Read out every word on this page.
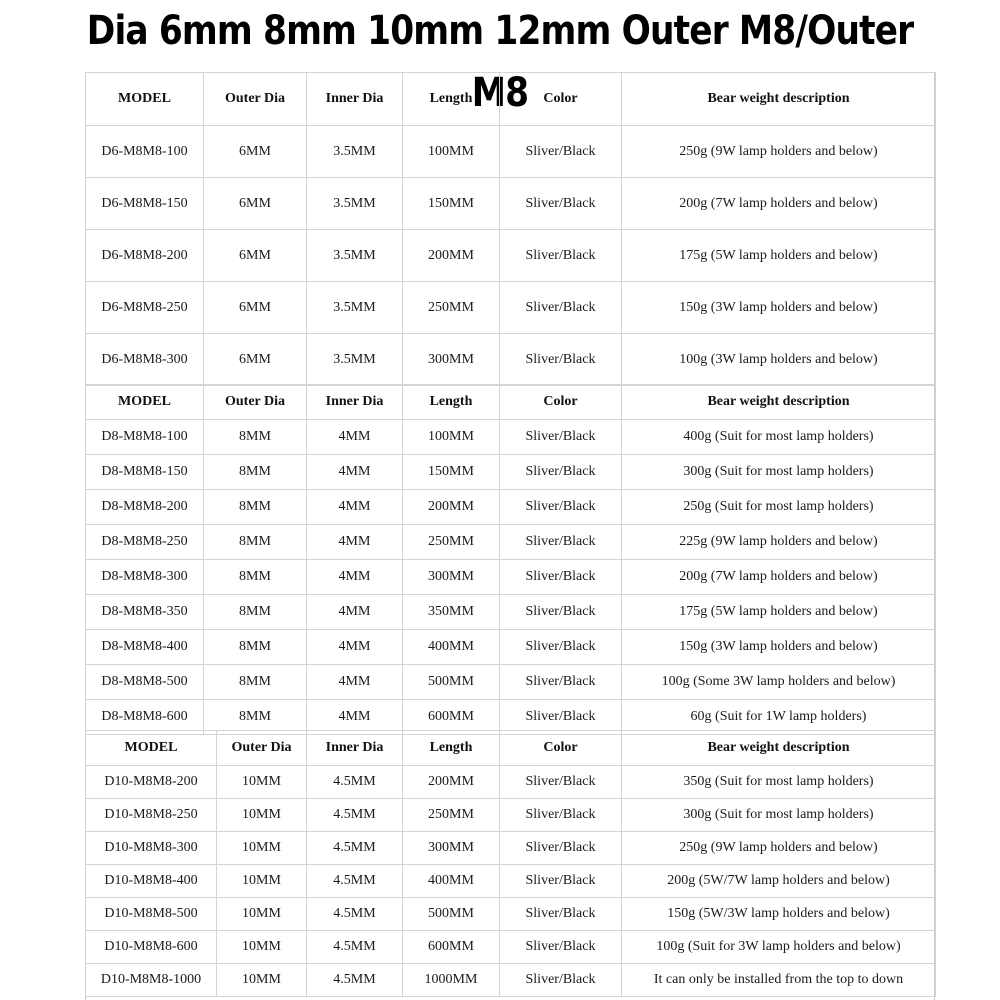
Dia 6mm 8mm 10mm 12mm Outer M8/Outer M8
MODEL	Outer Dia	Inner Dia	Length	Color	Bear weight description
D6-M8M8-100	6MM	3.5MM	100MM	Sliver/Black	250g (9W lamp holders and below)
D6-M8M8-150	6MM	3.5MM	150MM	Sliver/Black	200g (7W lamp holders and below)
D6-M8M8-200	6MM	3.5MM	200MM	Sliver/Black	175g (5W lamp holders and below)
D6-M8M8-250	6MM	3.5MM	250MM	Sliver/Black	150g (3W lamp holders and below)
D6-M8M8-300	6MM	3.5MM	300MM	Sliver/Black	100g (3W lamp holders and below)
MODEL	Outer Dia	Inner Dia	Length	Color	Bear weight description
D8-M8M8-100	8MM	4MM	100MM	Sliver/Black	400g (Suit for most lamp holders)
D8-M8M8-150	8MM	4MM	150MM	Sliver/Black	300g (Suit for most lamp holders)
D8-M8M8-200	8MM	4MM	200MM	Sliver/Black	250g (Suit for most lamp holders)
D8-M8M8-250	8MM	4MM	250MM	Sliver/Black	225g (9W lamp holders and below)
D8-M8M8-300	8MM	4MM	300MM	Sliver/Black	200g (7W lamp holders and below)
D8-M8M8-350	8MM	4MM	350MM	Sliver/Black	175g (5W lamp holders and below)
D8-M8M8-400	8MM	4MM	400MM	Sliver/Black	150g (3W lamp holders and below)
D8-M8M8-500	8MM	4MM	500MM	Sliver/Black	100g (Some 3W lamp holders and below)
D8-M8M8-600	8MM	4MM	600MM	Sliver/Black	60g (Suit for 1W lamp holders)
MODEL	Outer Dia	Inner Dia	Length	Color	Bear weight description
D10-M8M8-200	10MM	4.5MM	200MM	Sliver/Black	350g (Suit for most lamp holders)
D10-M8M8-250	10MM	4.5MM	250MM	Sliver/Black	300g (Suit for most lamp holders)
D10-M8M8-300	10MM	4.5MM	300MM	Sliver/Black	250g (9W lamp holders and below)
D10-M8M8-400	10MM	4.5MM	400MM	Sliver/Black	200g (5W/7W lamp holders and below)
D10-M8M8-500	10MM	4.5MM	500MM	Sliver/Black	150g (5W/3W lamp holders and below)
D10-M8M8-600	10MM	4.5MM	600MM	Sliver/Black	100g (Suit for 3W lamp holders and below)
D10-M8M8-1000	10MM	4.5MM	1000MM	Sliver/Black	It can only be installed from the top to down
